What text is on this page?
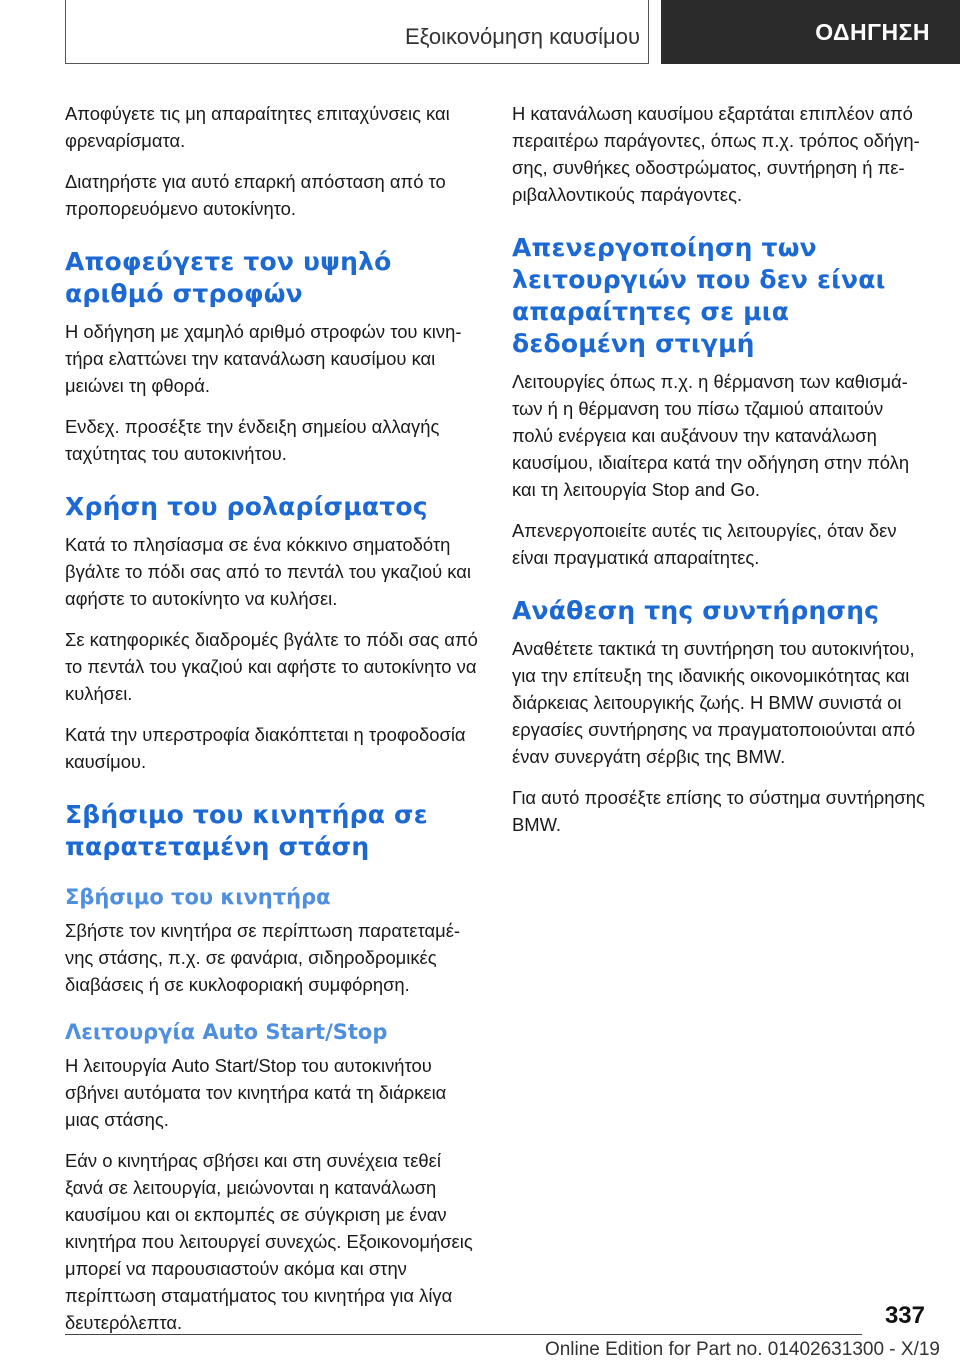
Εξοικονόμηση καυσίμου	ΟΔΗΓΗΣΗ

Αποφύγετε τις μη απαραίτητες επιταχύνσεις και φρεναρίσματα.

Διατηρήστε για αυτό επαρκή απόσταση από το προπορευόμενο αυτοκίνητο.

Αποφεύγετε τον υψηλό αριθμό στροφών

Η οδήγηση με χαμηλό αριθμό στροφών του κινητήρα ελαττώνει την κατανάλωση καυσίμου και μειώνει τη φθορά.

Ενδεχ. προσέξτε την ένδειξη σημείου αλλαγής ταχύτητας του αυτοκινήτου.

Χρήση του ρολαρίσματος

Κατά το πλησίασμα σε ένα κόκκινο σηματοδότη βγάλτε το πόδι σας από το πεντάλ του γκαζιού και αφήστε το αυτοκίνητο να κυλήσει.

Σε κατηφορικές διαδρομές βγάλτε το πόδι σας από το πεντάλ του γκαζιού και αφήστε το αυτοκίνητο να κυλήσει.

Κατά την υπερστροφία διακόπτεται η τροφοδοσία καυσίμου.

Σβήσιμο του κινητήρα σε παρατεταμένη στάση
Σβήσιμο του κινητήρα

Σβήστε τον κινητήρα σε περίπτωση παρατεταμένης στάσης, π.χ. σε φανάρια, σιδηροδρομικές διαβάσεις ή σε κυκλοφοριακή συμφόρηση.

Λειτουργία Auto Start/Stop

Η λειτουργία Auto Start/Stop του αυτοκινήτου σβήνει αυτόματα τον κινητήρα κατά τη διάρκεια μιας στάσης.

Εάν ο κινητήρας σβήσει και στη συνέχεια τεθεί ξανά σε λειτουργία, μειώνονται η κατανάλωση καυσίμου και οι εκπομπές σε σύγκριση με έναν κινητήρα που λειτουργεί συνεχώς. Εξοικονομήσεις μπορεί να παρουσιαστούν ακόμα και στην περίπτωση σταματήματος του κινητήρα για λίγα δευτερόλεπτα.

Η κατανάλωση καυσίμου εξαρτάται επιπλέον από περαιτέρω παράγοντες, όπως π.χ. τρόπος οδήγησης, συνθήκες οδοστρώματος, συντήρηση ή περιβαλλοντικούς παράγοντες.

Απενεργοποίηση των λειτουργιών που δεν είναι απαραίτητες σε μια δεδομένη στιγμή

Λειτουργίες όπως π.χ. η θέρμανση των καθισμάτων ή η θέρμανση του πίσω τζαμιού απαιτούν πολύ ενέργεια και αυξάνουν την κατανάλωση καυσίμου, ιδιαίτερα κατά την οδήγηση στην πόλη και τη λειτουργία Stop and Go.

Απενεργοποιείτε αυτές τις λειτουργίες, όταν δεν είναι πραγματικά απαραίτητες.

Ανάθεση της συντήρησης

Αναθέτετε τακτικά τη συντήρηση του αυτοκινήτου, για την επίτευξη της ιδανικής οικονομικότητας και διάρκειας λειτουργικής ζωής. Η BMW συνιστά οι εργασίες συντήρησης να πραγματοποιούνται από έναν συνεργάτη σέρβις της BMW.

Για αυτό προσέξτε επίσης το σύστημα συντήρησης BMW.

337
Online Edition for Part no. 01402631300 - X/19
